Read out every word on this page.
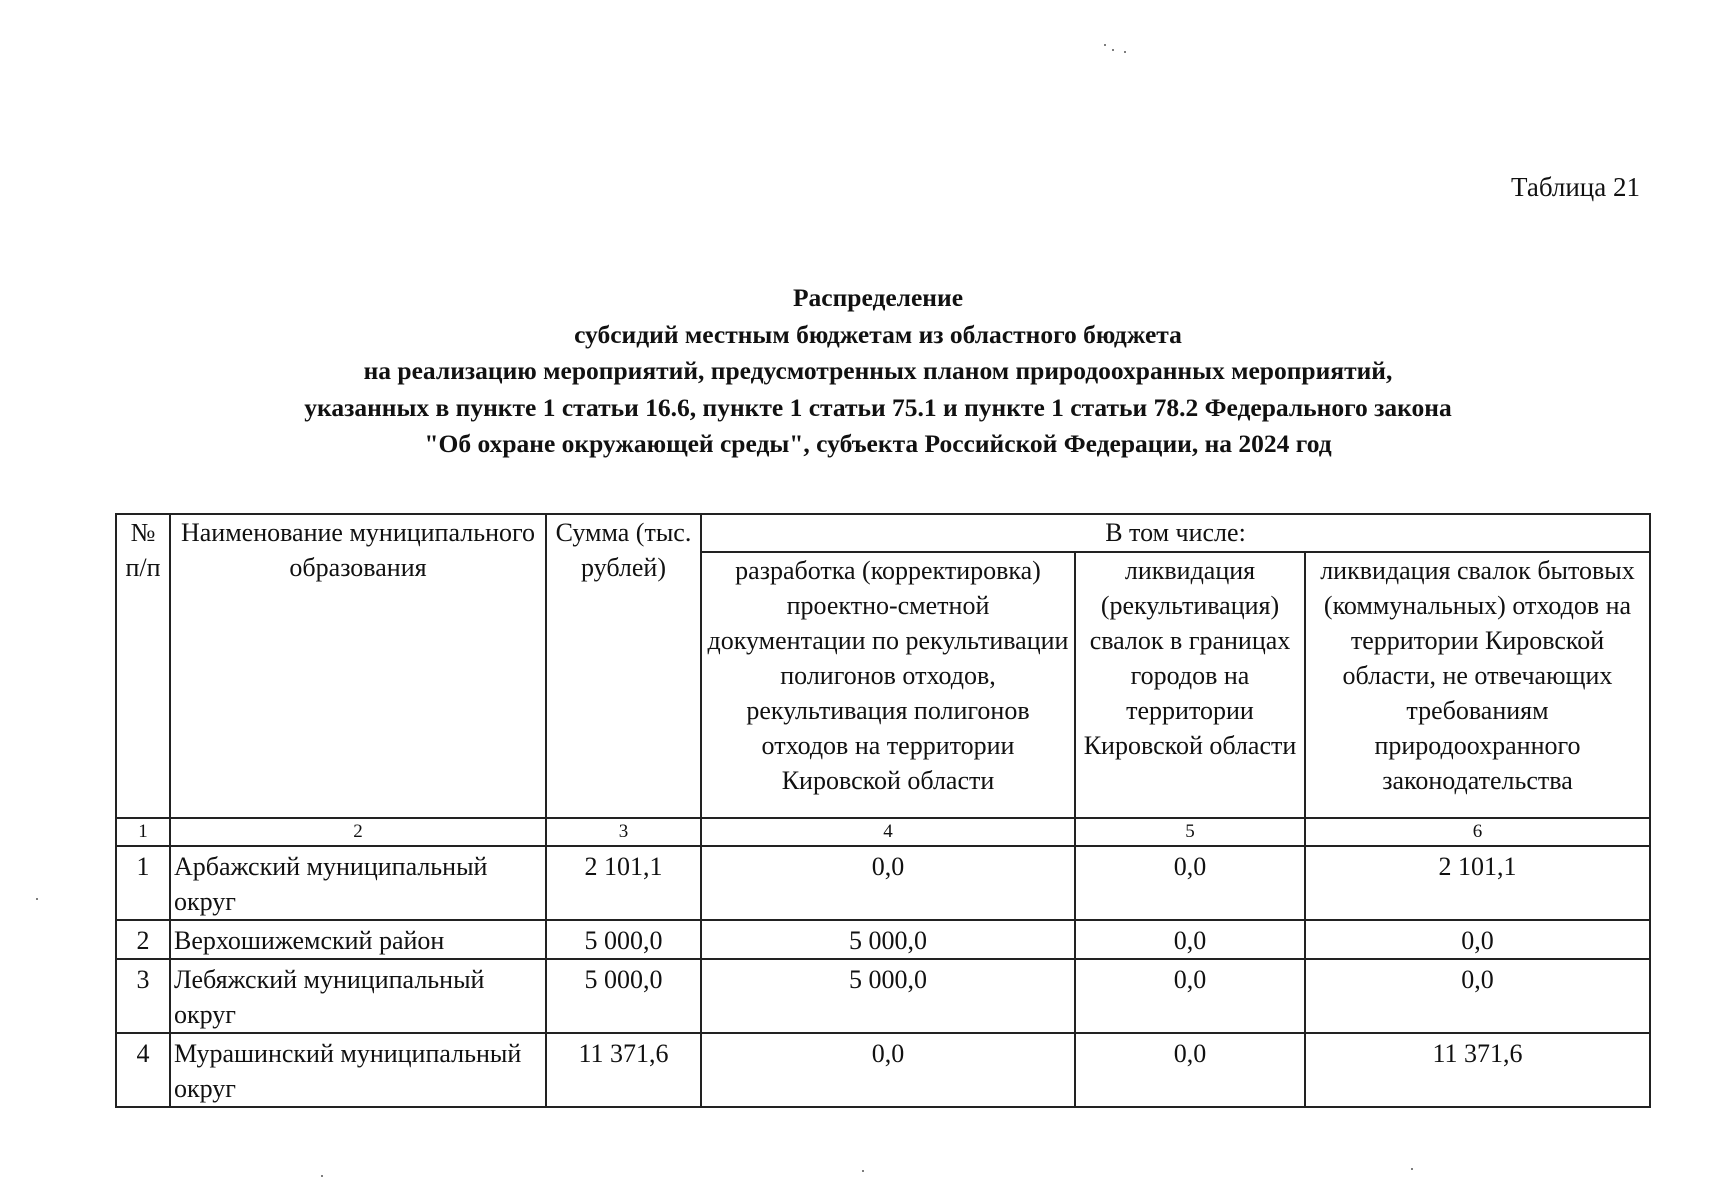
Таблица 21
Распределение
субсидий местным бюджетам из областного бюджета
на реализацию мероприятий, предусмотренных планом природоохранных мероприятий,
указанных в пункте 1 статьи 16.6, пункте 1 статьи 75.1 и пункте 1 статьи 78.2 Федерального закона
"Об охране окружающей среды", субъекта Российской Федерации, на 2024 год
№ п/п	Наименование муниципального образования	Сумма (тыс. рублей)	В том числе:		
			разработка (корректировка) проектно-сметной документации по рекультивации полигонов отходов, рекультивация полигонов отходов на территории Кировской области	ликвидация (рекультивация) свалок в границах городов на территории Кировской области	ликвидация свалок бытовых (коммунальных) отходов на территории Кировской области, не отвечающих требованиям природоохранного законодательства
1	2	3	4	5	6
1	Арбажский муниципальный округ	2 101,1	0,0	0,0	2 101,1
2	Верхошижемский район	5 000,0	5 000,0	0,0	0,0
3	Лебяжский муниципальный округ	5 000,0	5 000,0	0,0	0,0
4	Мурашинский муниципальный округ	11 371,6	0,0	0,0	11 371,6
